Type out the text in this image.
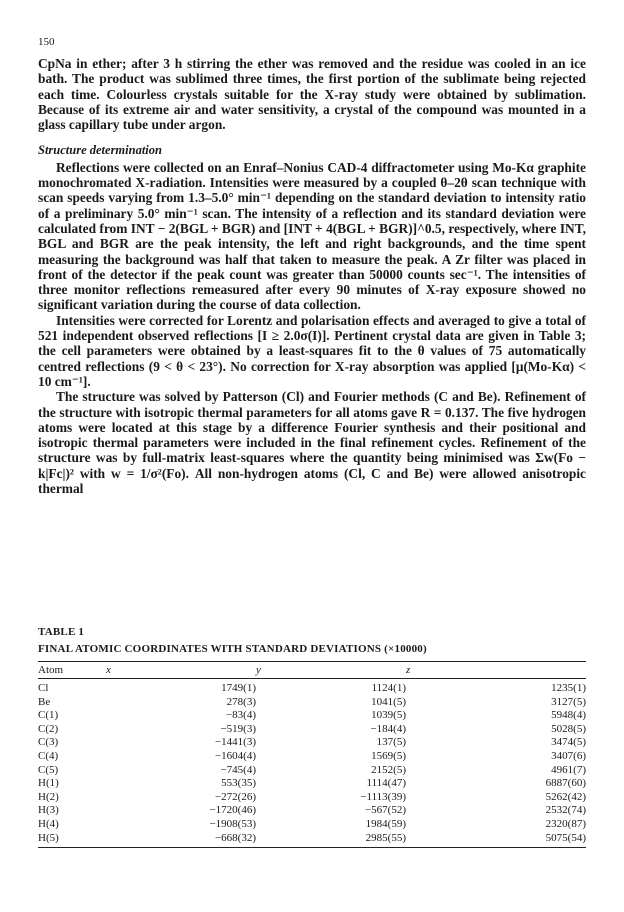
150

CpNa in ether; after 3 h stirring the ether was removed and the residue was cooled in an ice bath. The product was sublimed three times, the first portion of the sublimate being rejected each time. Colourless crystals suitable for the X-ray study were obtained by sublimation. Because of its extreme air and water sensitivity, a crystal of the compound was mounted in a glass capillary tube under argon.

Structure determination

Reflections were collected on an Enraf–Nonius CAD-4 diffractometer using Mo-Kα graphite monochromated X-radiation. Intensities were measured by a coupled θ–2θ scan technique with scan speeds varying from 1.3–5.0° min⁻¹ depending on the standard deviation to intensity ratio of a preliminary 5.0° min⁻¹ scan. The intensity of a reflection and its standard deviation were calculated from INT − 2(BGL + BGR) and [INT + 4(BGL + BGR)]^0.5, respectively, where INT, BGL and BGR are the peak intensity, the left and right backgrounds, and the time spent measuring the background was half that taken to measure the peak. A Zr filter was placed in front of the detector if the peak count was greater than 50000 counts sec⁻¹. The intensities of three monitor reflections remeasured after every 90 minutes of X-ray exposure showed no significant variation during the course of data collection.

Intensities were corrected for Lorentz and polarisation effects and averaged to give a total of 521 independent observed reflections [I ≥ 2.0σ(I)]. Pertinent crystal data are given in Table 3; the cell parameters were obtained by a least-squares fit to the θ values of 75 automatically centred reflections (9 < θ < 23°). No correction for X-ray absorption was applied [μ(Mo-Kα) < 10 cm⁻¹].

The structure was solved by Patterson (Cl) and Fourier methods (C and Be). Refinement of the structure with isotropic thermal parameters for all atoms gave R = 0.137. The five hydrogen atoms were located at this stage by a difference Fourier synthesis and their positional and isotropic thermal parameters were included in the final refinement cycles. Refinement of the structure was by full-matrix least-squares where the quantity being minimised was Σw(Fo − k|Fc|)² with w = 1/σ²(Fo). All non-hydrogen atoms (Cl, C and Be) were allowed anisotropic thermal

TABLE 1
FINAL ATOMIC COORDINATES WITH STANDARD DEVIATIONS (×10000)
Atom	x	y	z
Cl	1749(1)	1124(1)	1235(1)
Be	278(3)	1041(5)	3127(5)
C(1)	−83(4)	1039(5)	5948(4)
C(2)	−519(3)	−184(4)	5028(5)
C(3)	−1441(3)	137(5)	3474(5)
C(4)	−1604(4)	1569(5)	3407(6)
C(5)	−745(4)	2152(5)	4961(7)
H(1)	553(35)	1114(47)	6887(60)
H(2)	−272(26)	−1113(39)	5262(42)
H(3)	−1720(46)	−567(52)	2532(74)
H(4)	−1908(53)	1984(59)	2320(87)
H(5)	−668(32)	2985(55)	5075(54)
